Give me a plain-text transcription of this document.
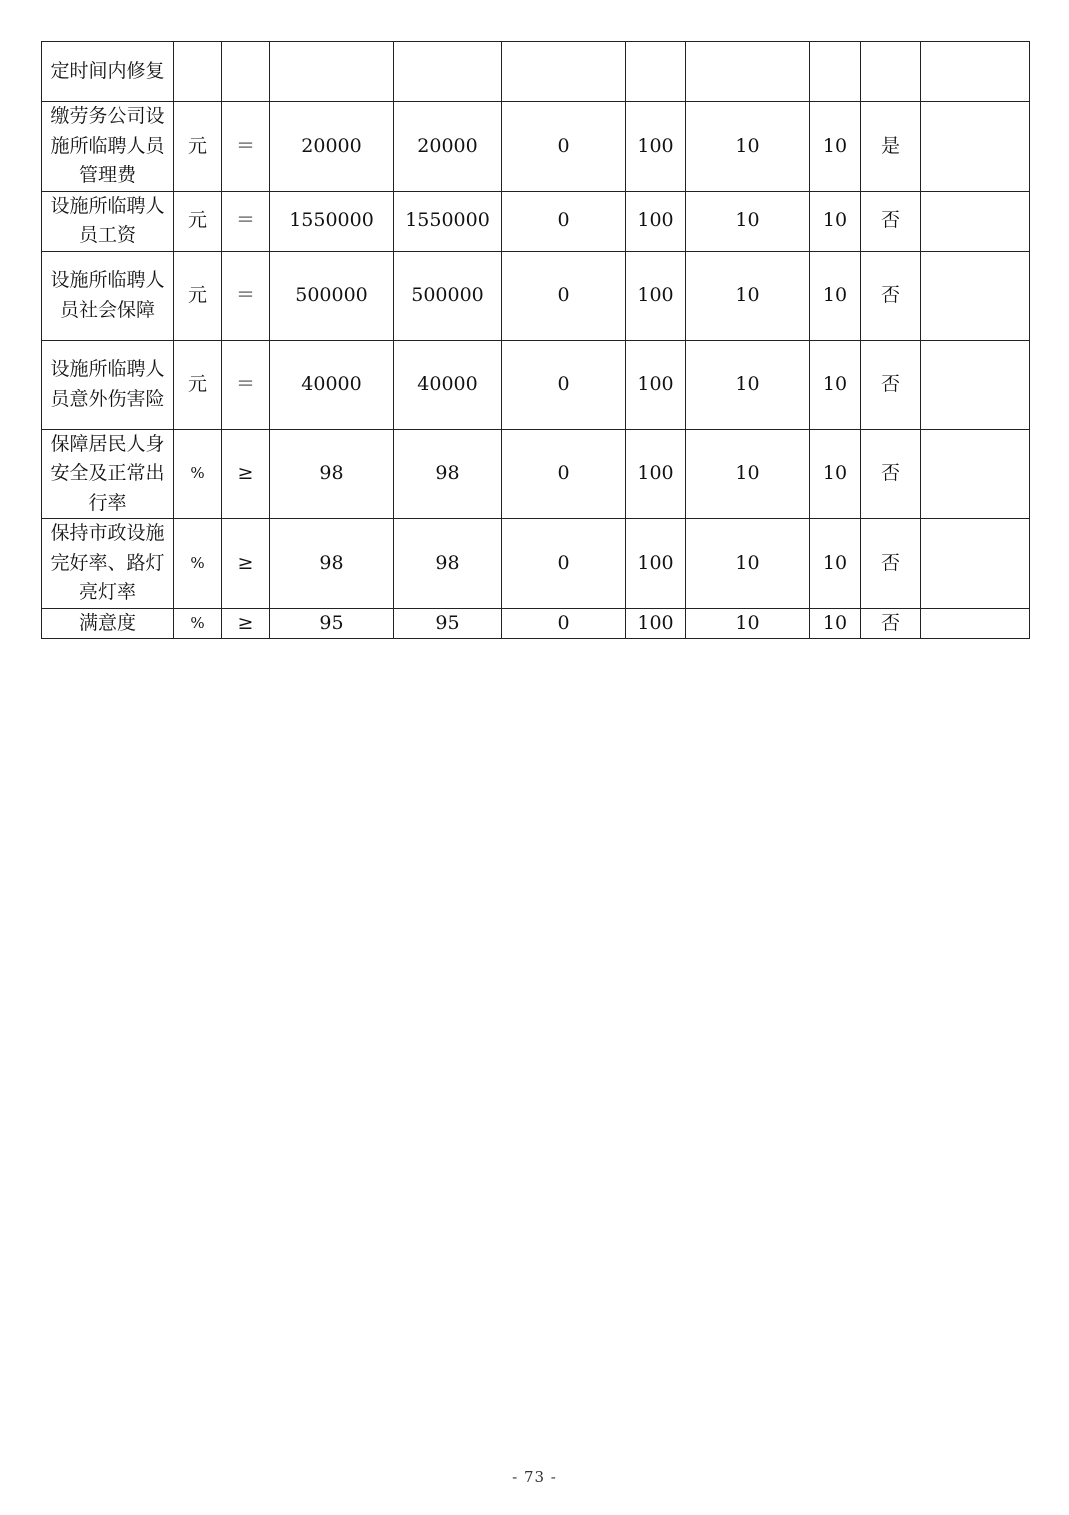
定时间内修复										
缴劳务公司设施所临聘人员管理费	元	＝	20000	20000	0	100	10	10	是	
设施所临聘人员工资	元	＝	1550000	1550000	0	100	10	10	否	
设施所临聘人员社会保障	元	＝	500000	500000	0	100	10	10	否	
设施所临聘人员意外伤害险	元	＝	40000	40000	0	100	10	10	否	
保障居民人身安全及正常出行率	%	≥	98	98	0	100	10	10	否	
保持市政设施完好率、路灯亮灯率	%	≥	98	98	0	100	10	10	否	
满意度	%	≥	95	95	0	100	10	10	否	
- 73 -
